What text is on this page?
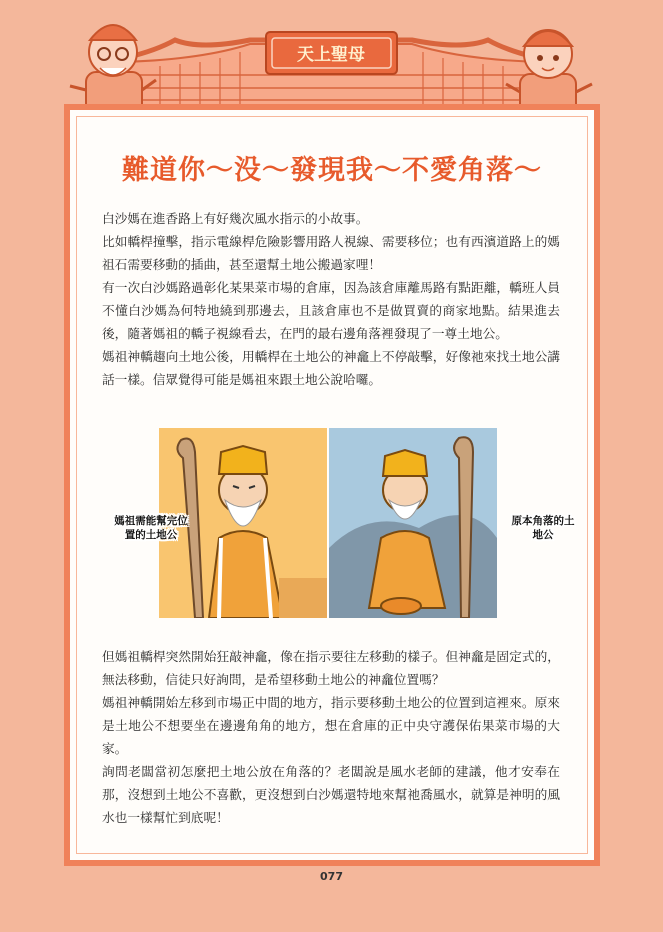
天上聖母
難道你～没～發現我～不愛角落～

白沙媽在進香路上有好幾次風水指示的小故事。

比如轎桿撞擊，指示電線桿危險影響用路人視線、需要移位；也有西濱道路上的媽祖石需要移動的插曲，甚至還幫土地公搬過家哩！

有一次白沙媽路過彰化某果菜市場的倉庫，因為該倉庫離馬路有點距離，轎班人員不懂白沙媽為何特地繞到那邊去，且該倉庫也不是做買賣的商家地點。結果進去後，隨著媽祖的轎子視線看去，在門的最右邊角落裡發現了一尊土地公。

媽祖神轎趨向土地公後，用轎桿在土地公的神龕上不停敲擊，好像祂來找土地公講話一樣。信眾覺得可能是媽祖來跟土地公說哈囉。

媽祖需能幫完位置的土地公
原本角落的土地公

但媽祖轎桿突然開始狂敲神龕，像在指示要往左移動的樣子。但神龕是固定式的，無法移動，信徒只好詢問，是希望移動土地公的神龕位置嗎？

媽祖神轎開始左移到市場正中間的地方，指示要移動土地公的位置到這裡來。原來是土地公不想要坐在邊邊角角的地方，想在倉庫的正中央守護保佑果菜市場的大家。

詢問老闆當初怎麼把土地公放在角落的？老闆說是風水老師的建議，他才安奉在那，沒想到土地公不喜歡，更沒想到白沙媽還特地來幫祂喬風水，就算是神明的風水也一樣幫忙到底呢！

077
